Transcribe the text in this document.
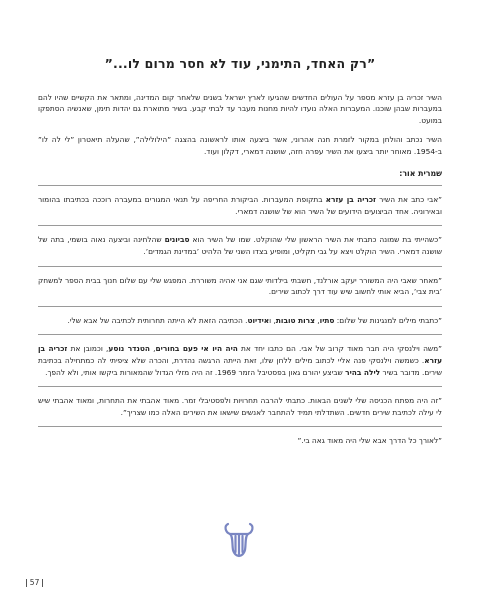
”רק האחד, התימני, עוד לא חסר מרום לו...”

השיר זכריה בן עזרא מספר על העולים החדשים שהגיעו לארץ ישראל בשנים שלאחר קום המדינה, ומתאר את הקשיים שהיו להם במעברות שבהן שוכנו. המעברות האלה נועדו להיות מחנות מעבר עד לבתי קבע. בשיר מתוארת גם יהדות תימן, שאנשיה הסתפקו במועט.

השיר נכתב והולחן במקור לזמרת חנה אהרוני, אשר ביצעה אותו לראשונה בהצגה ”הילולילה”, שהעלה תיאטרון ”לי לה לו” ב-1954. מאוחר יותר ביצעו את השיר עפרה חזה, שושנה דמארי, דקלון ועוד.

שמרית אור:

”אבי כתב את השיר זכריה בן עזרא בתקופת המעברות. הביקורת החריפה על תנאי המגורים במעברה רוככה בכתיבתו בהומור ובאירוניה. אחד הביצועים הידועים של השיר הוא של שושנה דמארי.

”כשהייתי בת שמונה כתבתי את השיר הראשון שלי שהוקלט. שמו של השיר הוא סביונים שהלחינה וביצעה נאוה בושמי, בתה של שושנה דמארי. השיר הוקלט ויצא על גבי תקליט, ומופיע בצדו השני של הלהיט ’במדינת הגמדים’.

”מאחר שאבי היה המשורר יעקב אורלנד, חשבתי בילדותי שגם אני אהיה משוררת. המפגש שלי עם שלום חנוך בבית הספר למשחק ’בית צבי’, הביא אותי לחשוב שיש עוד דרך לכתוב שירים.

”כתבתי מילים למנגינות של שלום: סתיו, צרות טובות, ואידיוט. הכתיבה הזאת לא הייתה תחרותית לכתיבה של אבא שלי.

”משה וילנסקי היה חבר מאוד קרוב של אבי. הם כתבו יחד את היה היו אי פעם בחורים, הטנדר נוסע, וכמובן את זכריה בן עזרא. כשמשה וילנסקי פנה אליי לכתוב מילים ללחן שלו, זאת הייתה הרגשה נהדרת, והכרה שלא ציפיתי לה כמתחילה בכתיבת שירים. מדובר בשיר לילה בהיר שביצע יהורם גאון בפסטיבל הזמר 1969. זה היה מזלי הגדול שהמאורות ביקשו אותי, ולא להפך.

”זה היה מפתח הכניסה שלי לשנים הבאות. כתבתי להרבה תחרויות ולפסטיבלי זמר. מאוד אהבתי את התחרות, ומאוד אהבתי שיש לי עילה לכתיבת שירים חדשים. השתדלתי תמיד להתחבר לאנשים שישאו את השירים האלה כמו שצריך”.

”לאורך כל הדרך אבא שלי היה מאוד גאה בי.”

57
